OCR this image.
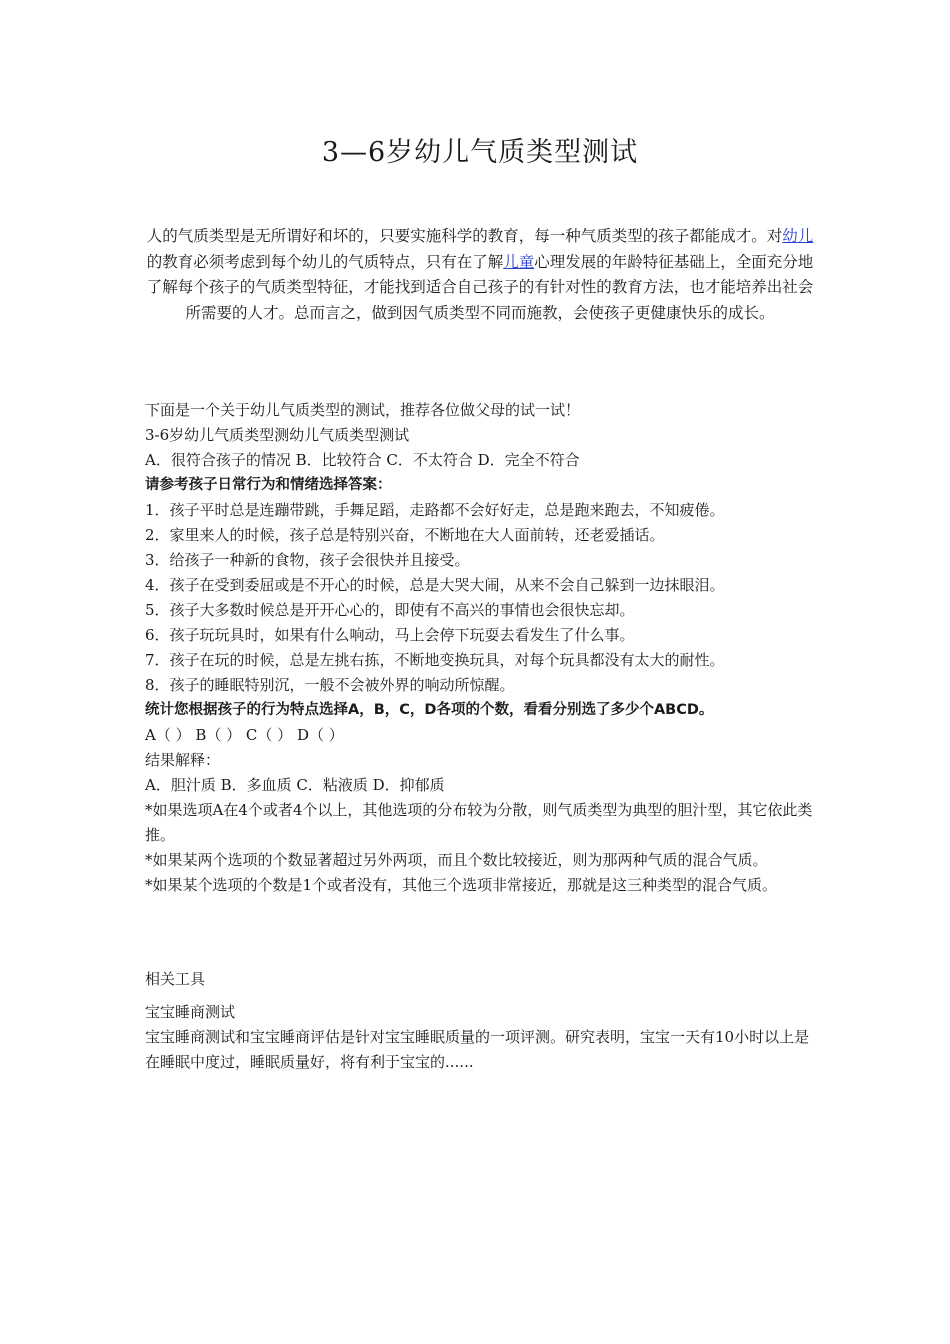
3—6岁幼儿气质类型测试

人的气质类型是无所谓好和坏的，只要实施科学的教育，每一种气质类型的孩子都能成才。对幼儿的教育必须考虑到每个幼儿的气质特点，只有在了解儿童心理发展的年龄特征基础上，全面充分地了解每个孩子的气质类型特征，才能找到适合自己孩子的有针对性的教育方法，也才能培养出社会所需要的人才。总而言之，做到因气质类型不同而施教，会使孩子更健康快乐的成长。

下面是一个关于幼儿气质类型的测试，推荐各位做父母的试一试！

3-6岁幼儿气质类型测幼儿气质类型测试

A．很符合孩子的情况 B．比较符合 C．不太符合 D．完全不符合

请参考孩子日常行为和情绪选择答案：

1．孩子平时总是连蹦带跳，手舞足蹈，走路都不会好好走，总是跑来跑去，不知疲倦。

2．家里来人的时候，孩子总是特别兴奋，不断地在大人面前转，还老爱插话。

3．给孩子一种新的食物，孩子会很快并且接受。

4．孩子在受到委屈或是不开心的时候，总是大哭大闹，从来不会自己躲到一边抹眼泪。

5．孩子大多数时候总是开开心心的，即使有不高兴的事情也会很快忘却。

6．孩子玩玩具时，如果有什么响动，马上会停下玩耍去看发生了什么事。

7．孩子在玩的时候，总是左挑右拣，不断地变换玩具，对每个玩具都没有太大的耐性。

8．孩子的睡眠特别沉，一般不会被外界的响动所惊醒。

统计您根据孩子的行为特点选择A，B，C，D各项的个数，看看分别选了多少个ABCD。

A（ ） B（ ） C（ ） D（ ）

结果解释：

A．胆汁质 B．多血质 C．粘液质 D．抑郁质

*如果选项A在4个或者4个以上，其他选项的分布较为分散，则气质类型为典型的胆汁型，其它依此类推。

*如果某两个选项的个数显著超过另外两项，而且个数比较接近，则为那两种气质的混合气质。

*如果某个选项的个数是1个或者没有，其他三个选项非常接近，那就是这三种类型的混合气质。

相关工具

宝宝睡商测试

宝宝睡商测试和宝宝睡商评估是针对宝宝睡眠质量的一项评测。研究表明，宝宝一天有10小时以上是在睡眠中度过，睡眠质量好，将有利于宝宝的......
